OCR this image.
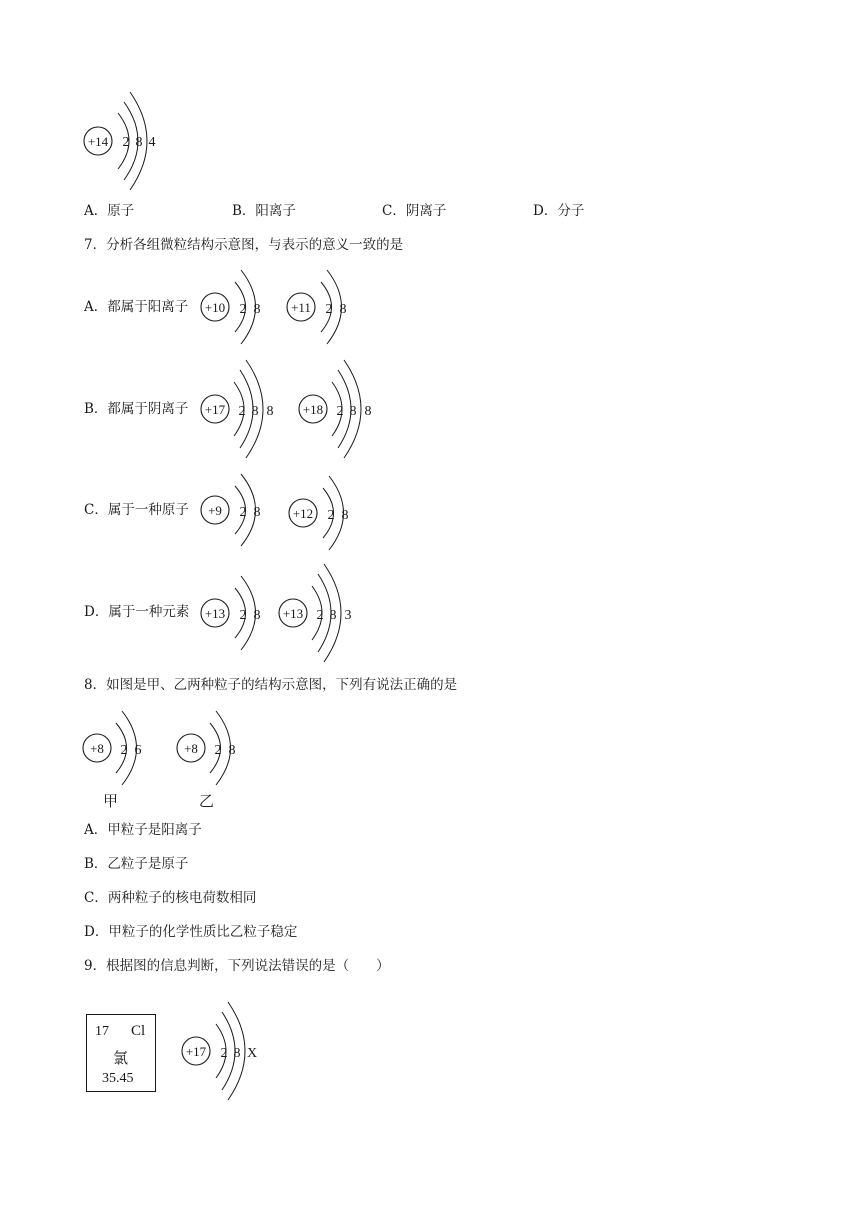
+14 2 8 4
A．原子	B．阳离子	C．阴离子	D．分子
7．分析各组微粒结构示意图，与表示的意义一致的是
A．都属于阳离子 +10 2 8 +11 2 8
B．都属于阴离子 +17 2 8 8 +18 2 8 8
C．属于一种原子 +9 2 8 +12 2 8
D．属于一种元素 +13 2 8 +13 2 8 3
8．如图是甲、乙两种粒子的结构示意图，下列有说法正确的是
+8 2 6	+8 2 8
甲	乙
A．甲粒子是阳离子
B．乙粒子是原子
C．两种粒子的核电荷数相同
D．甲粒子的化学性质比乙粒子稳定
9．根据图的信息判断，下列说法错误的是（　　）
17 Cl
氯
35.45
+17 2 8 X
